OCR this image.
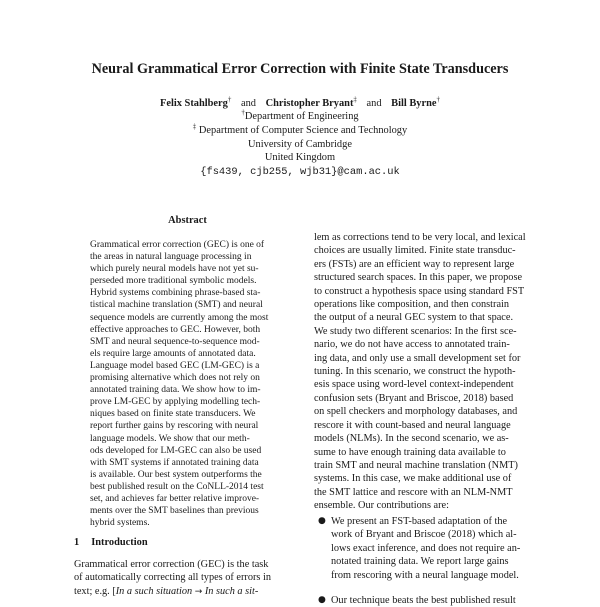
Neural Grammatical Error Correction with Finite State Transducers
Felix Stahlberg† and Christopher Bryant‡ and Bill Byrne†
†Department of Engineering
‡ Department of Computer Science and Technology
University of Cambridge
United Kingdom
{fs439, cjb255, wjb31}@cam.ac.uk
Abstract
Grammatical error correction (GEC) is one of
the areas in natural language processing in
which purely neural models have not yet su-
perseded more traditional symbolic models.
Hybrid systems combining phrase-based sta-
tistical machine translation (SMT) and neural
sequence models are currently among the most
effective approaches to GEC. However, both
SMT and neural sequence-to-sequence mod-
els require large amounts of annotated data.
Language model based GEC (LM-GEC) is a
promising alternative which does not rely on
annotated training data. We show how to im-
prove LM-GEC by applying modelling tech-
niques based on finite state transducers. We
report further gains by rescoring with neural
language models. We show that our meth-
ods developed for LM-GEC can also be used
with SMT systems if annotated training data
is available. Our best system outperforms the
best published result on the CoNLL-2014 test
set, and achieves far better relative improve-
ments over the SMT baselines than previous
hybrid systems.
1 Introduction
Grammatical error correction (GEC) is the task
of automatically correcting all types of errors in
text; e.g. [In a such situation → In such a sit-
lem as corrections tend to be very local, and lexical
choices are usually limited. Finite state transduc-
ers (FSTs) are an efficient way to represent large
structured search spaces. In this paper, we propose
to construct a hypothesis space using standard FST
operations like composition, and then constrain
the output of a neural GEC system to that space.
We study two different scenarios: In the first sce-
nario, we do not have access to annotated train-
ing data, and only use a small development set for
tuning. In this scenario, we construct the hypoth-
esis space using word-level context-independent
confusion sets (Bryant and Briscoe, 2018) based
on spell checkers and morphology databases, and
rescore it with count-based and neural language
models (NLMs). In the second scenario, we as-
sume to have enough training data available to
train SMT and neural machine translation (NMT)
systems. In this case, we make additional use of
the SMT lattice and rescore with an NLM-NMT
ensemble. Our contributions are:
● We present an FST-based adaptation of the
work of Bryant and Briscoe (2018) which al-
lows exact inference, and does not require an-
notated training data. We report large gains
from rescoring with a neural language model.
● Our technique beats the best published result
